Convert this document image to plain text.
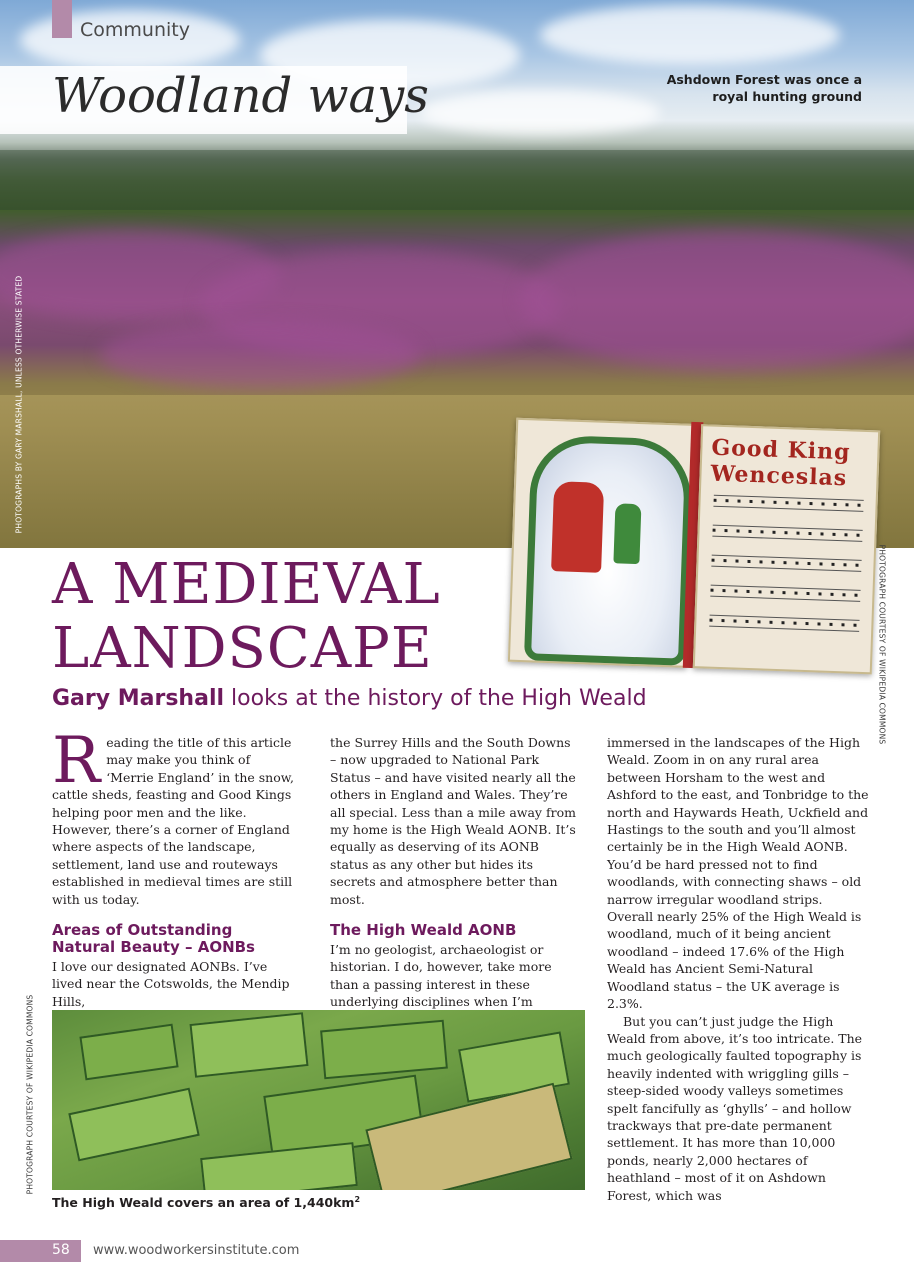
Community
Woodland ways	Ashdown Forest was once a royal hunting ground
PHOTOGRAPHS BY GARY MARSHALL, UNLESS OTHERWISE STATED	Good King Wenceslas
PHOTOGRAPH COURTESY OF WIKIPEDIA COMMONS
A MEDIEVAL
LANDSCAPE
Gary Marshall looks at the history of the High Weald

Reading the title of this article may make you think of ‘Merrie England’ in the snow, cattle sheds, feasting and Good Kings helping poor men and the like. However, there’s a corner of England where aspects of the landscape, settlement, land use and routeways established in medieval times are still with us today.

Areas of Outstanding Natural Beauty – AONBs

I love our designated AONBs. I’ve lived near the Cotswolds, the Mendip Hills,

the Surrey Hills and the South Downs – now upgraded to National Park Status – and have visited nearly all the others in England and Wales. They’re all special. Less than a mile away from my home is the High Weald AONB. It’s equally as deserving of its AONB status as any other but hides its secrets and atmosphere better than most.

The High Weald AONB

I’m no geologist, archaeologist or historian. I do, however, take more than a passing interest in these underlying disciplines when I’m

immersed in the landscapes of the High Weald. Zoom in on any rural area between Horsham to the west and Ashford to the east, and Tonbridge to the north and Haywards Heath, Uckfield and Hastings to the south and you’ll almost certainly be in the High Weald AONB. You’d be hard pressed not to find woodlands, with connecting shaws – old narrow irregular woodland strips. Overall nearly 25% of the High Weald is woodland, much of it being ancient woodland – indeed 17.6% of the High Weald has Ancient Semi-Natural Woodland status – the UK average is 2.3%.

But you can’t just judge the High Weald from above, it’s too intricate. The much geologically faulted topography is heavily indented with wriggling gills – steep-sided woody valleys sometimes spelt fancifully as ‘ghylls’ – and hollow trackways that pre-date permanent settlement. It has more than 10,000 ponds, nearly 2,000 hectares of heathland – most of it on Ashdown Forest, which was

PHOTOGRAPH COURTESY OF WIKIPEDIA COMMONS
The High Weald covers an area of $1,440km^2$
58 www.woodworkersinstitute.com
